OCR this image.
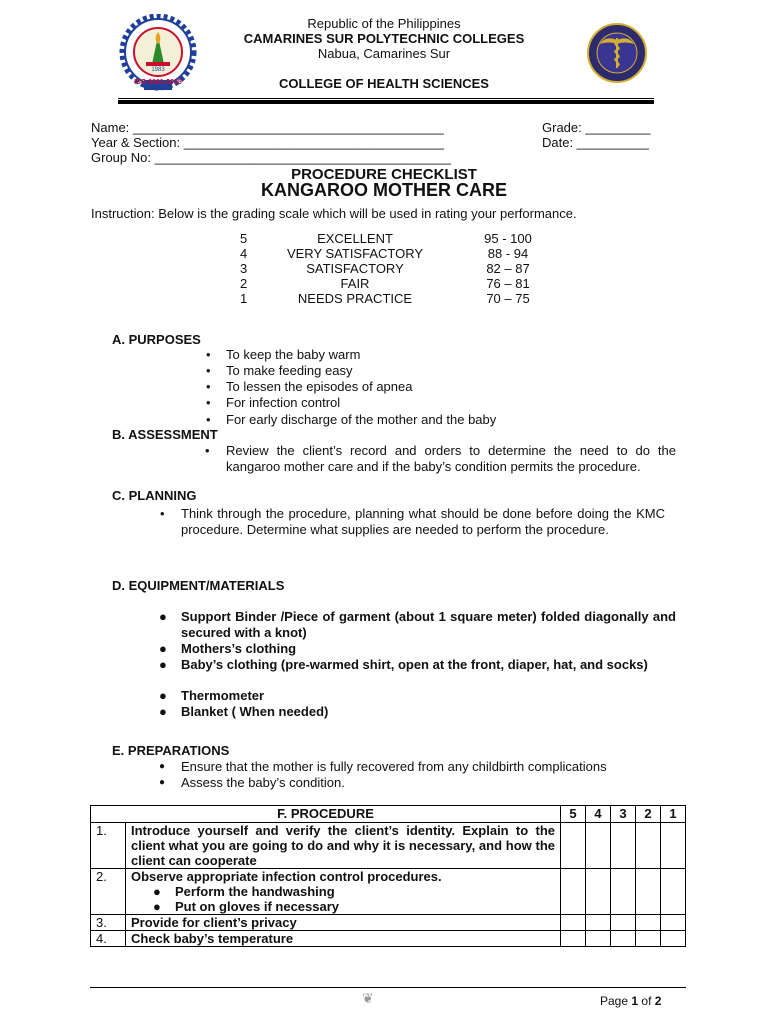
ISO 9001:2015
1983
Republic of the Philippines
CAMARINES SUR POLYTECHNIC COLLEGES
Nabua, Camarines Sur
COLLEGE OF HEALTH SCIENCES
Name: ___________________________________________
Year & Section: ____________________________________
Group No: _________________________________________
Grade: _________
Date: __________
PROCEDURE CHECKLIST
KANGAROO MOTHER CARE
Instruction: Below is the grading scale which will be used in rating your performance.
5	EXCELLENT	95 - 100
4	VERY SATISFACTORY	88 - 94
3	SATISFACTORY	82 – 87
2	FAIR	76 – 81
1	NEEDS PRACTICE	70 – 75
A. PURPOSES
• To keep the baby warm
• To make feeding easy
• To lessen the episodes of apnea
• For infection control
• For early discharge of the mother and the baby
B. ASSESSMENT
• Review the client’s record and orders to determine the need to do the kangaroo mother care and if the baby’s condition permits the procedure.
C. PLANNING
• Think through the procedure, planning what should be done before doing the KMC procedure. Determine what supplies are needed to perform the procedure.
D. EQUIPMENT/MATERIALS
● Support Binder /Piece of garment (about 1 square meter) folded diagonally and secured with a knot)
● Mothers’s clothing
● Baby’s clothing (pre-warmed shirt, open at the front, diaper, hat, and socks)
● Thermometer
● Blanket ( When needed)
E. PREPARATIONS
● Ensure that the mother is fully recovered from any childbirth complications
● Assess the baby’s condition.
F. PROCEDURE		5	4	3	2	1
1.	Introduce yourself and verify the client’s identity. Explain to the client what you are going to do and why it is necessary, and how the client can cooperate					
2.	Observe appropriate infection control procedures.
● Perform the handwashing
● Put on gloves if necessary					

3.	Provide for client’s privacy					
4.	Check baby’s temperature					
❦	Page 1 of 2
